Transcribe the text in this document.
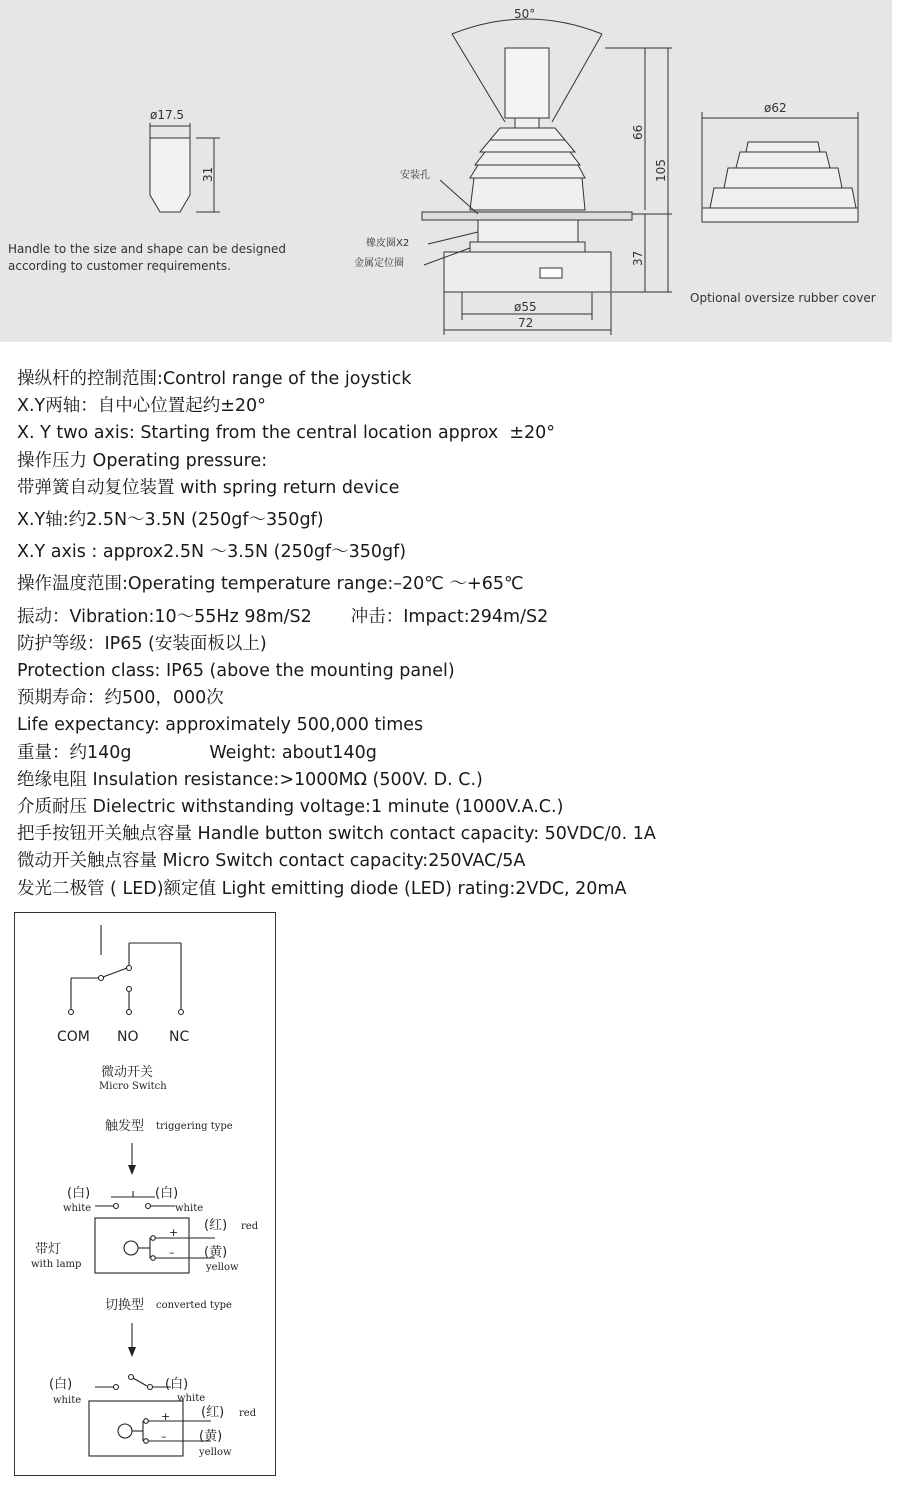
50°
ø17.5
31
66
105
37
ø55
72
ø62
安装孔
橡皮圈X2
金属定位圈
Handle to the size and shape can be designed
according to customer requirements.
Optional oversize rubber cover
操纵杆的控制范围:Control range of the joystick
X.Y两轴：自中心位置起约±20°
X. Y two axis: Starting from the central location approx  ±20°
操作压力 Operating pressure:
带弹簧自动复位装置 with spring return device
X.Y轴:约2.5N～3.5N (250gf～350gf)
X.Y axis : approx2.5N ～3.5N (250gf～350gf)
操作温度范围:Operating temperature range:–20℃ ～+65℃
振动：Vibration:10～55Hz 98m/S2       冲击：Impact:294m/S2
防护等级：IP65 (安装面板以上)
Protection class: IP65 (above the mounting panel)
预期寿命：约500，000次
Life expectancy: approximately 500,000 times
重量：约140g              Weight: about140g
绝缘电阻 Insulation resistance:>1000MΩ (500V. D. C.)
介质耐压 Dielectric withstanding voltage:1 minute (1000V.A.C.)
把手按钮开关触点容量 Handle button switch contact capacity: 50VDC/0. 1A
微动开关触点容量 Micro Switch contact capacity:250VAC/5A
发光二极管 ( LED)额定值 Light emitting diode (LED) rating:2VDC, 20mA
COM NO NC
微动开关
Micro Switch
触发型 triggering type
(白)
white
(白)
white
+
–
(红) red
(黄)
yellow
带灯
with lamp
切换型 converted type
(白)
white
(白)
white
+
–
(红) red
(黄)
yellow
